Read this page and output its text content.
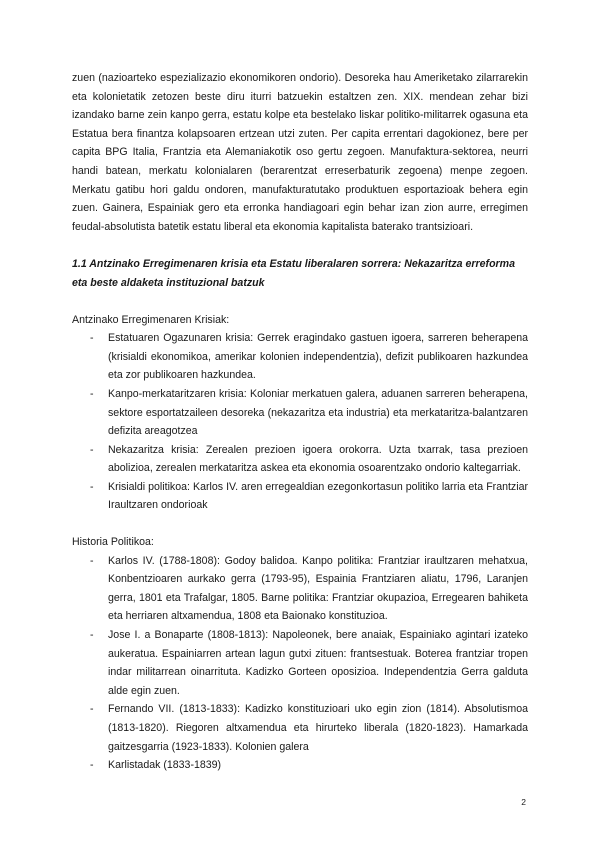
zuen (nazioarteko espezializazio ekonomikoren ondorio). Desoreka hau Ameriketako zilarrarekin eta kolonietatik zetozen beste diru iturri batzuekin estaltzen zen. XIX. mendean zehar bizi izandako barne zein kanpo gerra, estatu kolpe eta bestelako liskar politiko-militarrek ogasuna eta Estatua bera finantza kolapsoaren ertzean utzi zuten. Per capita errentari dagokionez, bere per capita BPG Italia, Frantzia eta Alemaniakotik oso gertu zegoen. Manufaktura-sektorea, neurri handi batean, merkatu kolonialaren (berarentzat erreserbaturik zegoena) menpe zegoen. Merkatu gatibu hori galdu ondoren, manufakturatutako produktuen esportazioak behera egin zuen. Gainera, Espainiak gero eta erronka handiagoari egin behar izan zion aurre, erregimen feudal-absolutista batetik estatu liberal eta ekonomia kapitalista baterako trantsizioari.

1.1 Antzinako Erregimenaren krisia eta Estatu liberalaren sorrera: Nekazaritza erreforma eta beste aldaketa instituzional batzuk

Antzinako Erregimenaren Krisiak:

- Estatuaren Ogazunaren krisia: Gerrek eragindako gastuen igoera, sarreren beherapena (krisialdi ekonomikoa, amerikar kolonien independentzia), defizit publikoaren hazkundea eta zor publikoaren hazkundea.
- Kanpo-merkataritzaren krisia: Koloniar merkatuen galera, aduanen sarreren beherapena, sektore esportatzaileen desoreka (nekazaritza eta industria) eta merkataritza-balantzaren defizita areagotzea
- Nekazaritza krisia: Zerealen prezioen igoera orokorra. Uzta txarrak, tasa prezioen abolizioa, zerealen merkataritza askea eta ekonomia osoarentzako ondorio kaltegarriak.
- Krisialdi politikoa: Karlos IV. aren erregealdian ezegonkortasun politiko larria eta Frantziar Iraultzaren ondorioak

Historia Politikoa:

- Karlos IV. (1788-1808): Godoy balidoa. Kanpo politika: Frantziar iraultzaren mehatxua, Konbentzioaren aurkako gerra (1793-95), Espainia Frantziaren aliatu, 1796, Laranjen gerra, 1801 eta Trafalgar, 1805. Barne politika: Frantziar okupazioa, Erregearen bahiketa eta herriaren altxamendua, 1808 eta Baionako konstituzioa.
- Jose I. a Bonaparte (1808-1813): Napoleonek, bere anaiak, Espainiako agintari izateko aukeratua. Espainiarren artean lagun gutxi zituen: frantsestuak. Boterea frantziar tropen indar militarrean oinarrituta. Kadizko Gorteen oposizioa. Independentzia Gerra galduta alde egin zuen.
- Fernando VII. (1813-1833): Kadizko konstituzioari uko egin zion (1814). Absolutismoa (1813-1820). Riegoren altxamendua eta hirurteko liberala (1820-1823). Hamarkada gaitzesgarria (1923-1833). Kolonien galera
- Karlistadak (1833-1839)
2
